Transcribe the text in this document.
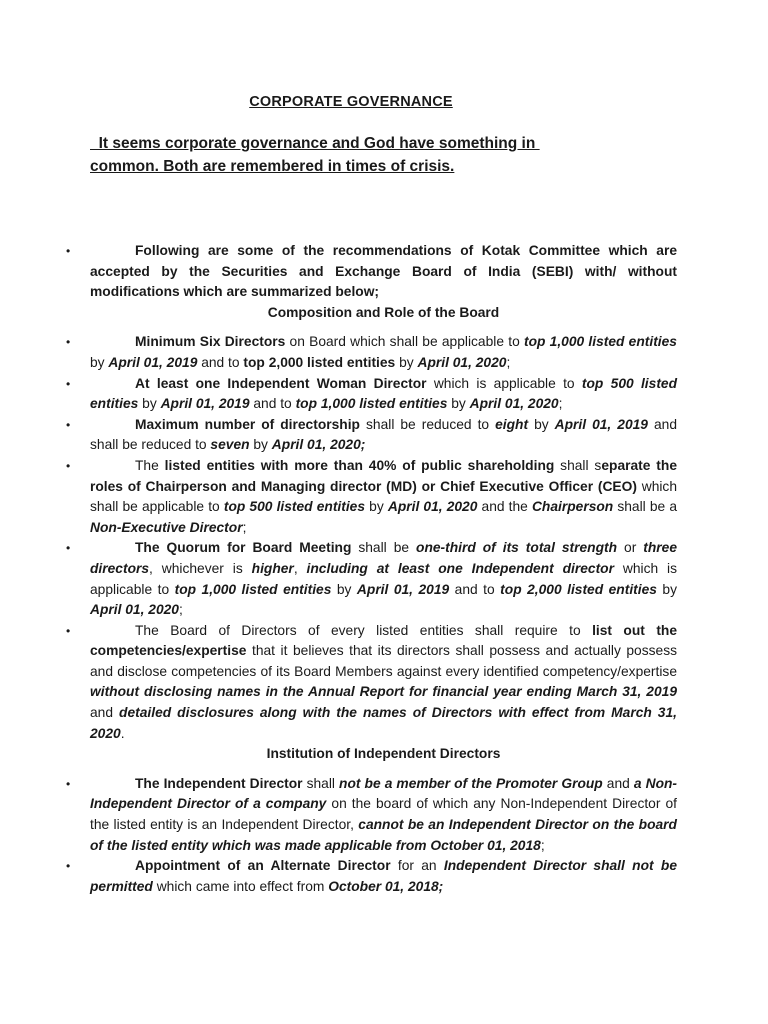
CORPORATE GOVERNANCE
It seems corporate governance and God have something in
common. Both are remembered in times of crisis.
•	Following are some of the recommendations of Kotak Committee which are accepted by the Securities and Exchange Board of India (SEBI) with/ without modifications which are summarized below;

Composition and Role of the Board

•	Minimum Six Directors on Board which shall be applicable to top 1,000 listed entities by April 01, 2019 and to top 2,000 listed entities by April 01, 2020;

•	At least one Independent Woman Director which is applicable to top 500 listed entities by April 01, 2019 and to top 1,000 listed entities by April 01, 2020;

•	Maximum number of directorship shall be reduced to eight by April 01, 2019 and shall be reduced to seven by April 01, 2020;

•	The listed entities with more than 40% of public shareholding shall separate the roles of Chairperson and Managing director (MD) or Chief Executive Officer (CEO) which shall be applicable to top 500 listed entities by April 01, 2020 and the Chairperson shall be a Non-Executive Director;

•	The Quorum for Board Meeting shall be one-third of its total strength or three directors, whichever is higher, including at least one Independent director which is applicable to top 1,000 listed entities by April 01, 2019 and to top 2,000 listed entities by April 01, 2020;

•	The Board of Directors of every listed entities shall require to list out the competencies/expertise that it believes that its directors shall possess and actually possess and disclose competencies of its Board Members against every identified competency/expertise without disclosing names in the Annual Report for financial year ending March 31, 2019 and detailed disclosures along with the names of Directors with effect from March 31, 2020.

Institution of Independent Directors

•	The Independent Director shall not be a member of the Promoter Group and a Non-Independent Director of a company on the board of which any Non-Independent Director of the listed entity is an Independent Director, cannot be an Independent Director on the board of the listed entity which was made applicable from October 01, 2018;

•	Appointment of an Alternate Director for an Independent Director shall not be permitted which came into effect from October 01, 2018;
